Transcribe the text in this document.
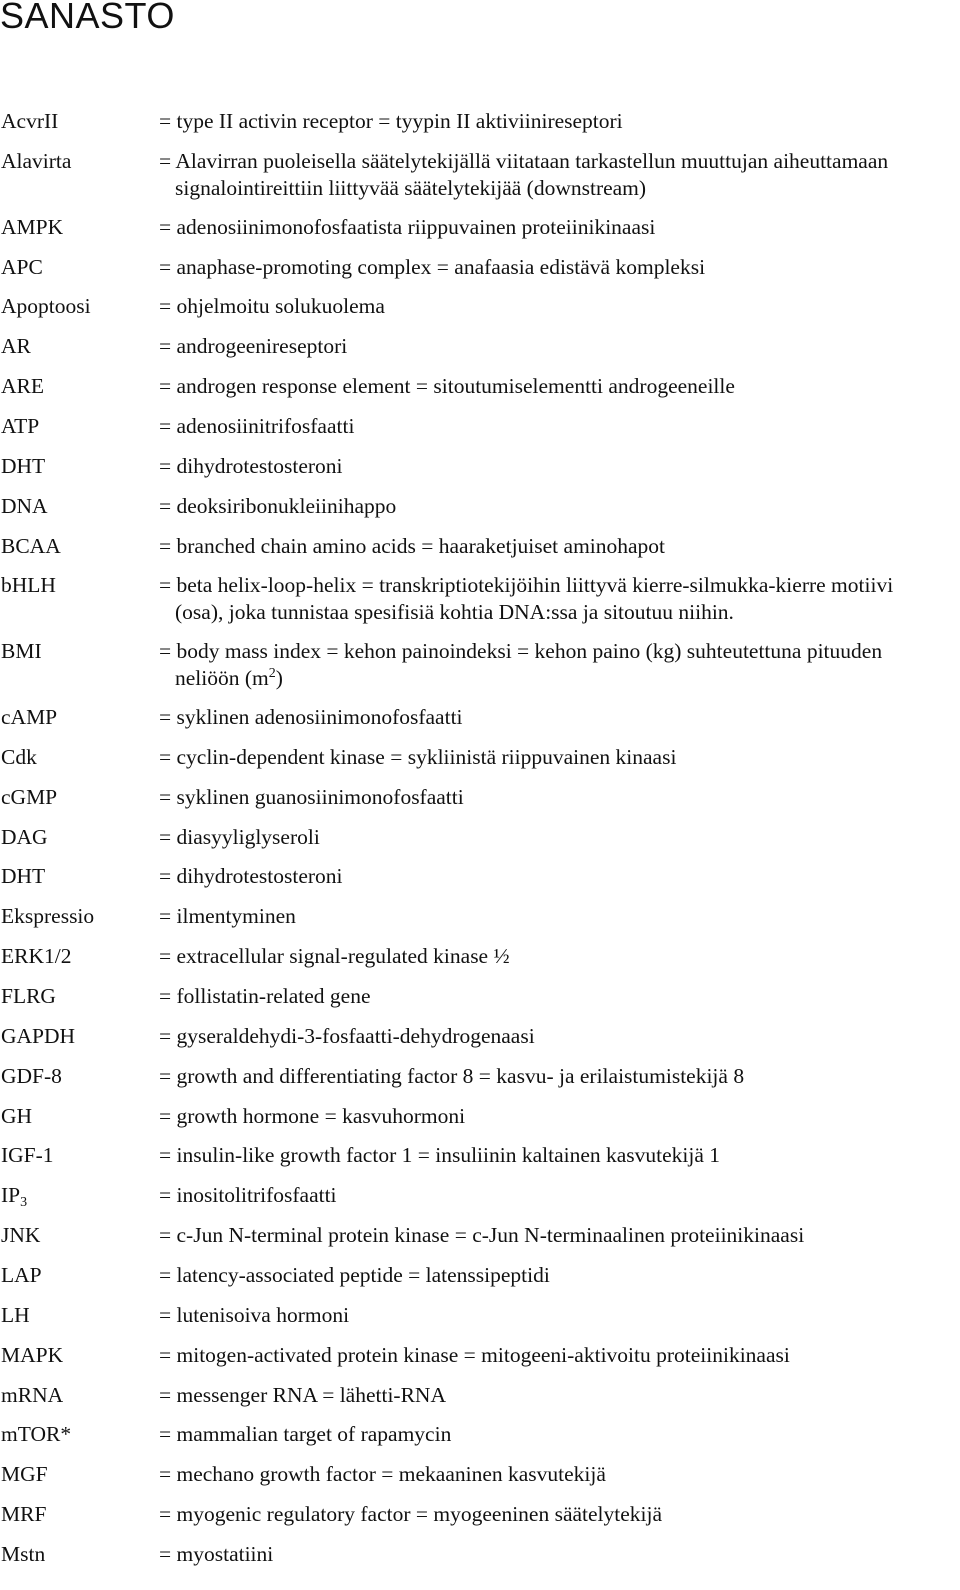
SANASTO
AcvrII	= type II activin receptor = tyypin II aktiviinireseptori
Alavirta	= Alavirran puoleisella säätelytekijällä viitataan tarkastellun muuttujan aiheuttamaan
signalointireittiin liittyvää säätelytekijää (downstream)
AMPK	= adenosiinimonofosfaatista riippuvainen proteiinikinaasi
APC	= anaphase-promoting complex = anafaasia edistävä kompleksi
Apoptoosi	= ohjelmoitu solukuolema
AR	= androgeenireseptori
ARE	= androgen response element = sitoutumiselementti androgeeneille
ATP	= adenosiinitrifosfaatti
DHT	= dihydrotestosteroni
DNA	= deoksiribonukleiinihappo
BCAA	= branched chain amino acids = haaraketjuiset aminohapot
bHLH	= beta helix-loop-helix = transkriptiotekijöihin liittyvä kierre-silmukka-kierre motiivi
(osa), joka tunnistaa spesifisiä kohtia DNA:ssa ja sitoutuu niihin.
BMI	= body mass index = kehon painoindeksi = kehon paino (kg) suhteutettuna pituuden
neliöön $(m^2)$
cAMP	= syklinen adenosiinimonofosfaatti
Cdk	= cyclin-dependent kinase = sykliinistä riippuvainen kinaasi
cGMP	= syklinen guanosiinimonofosfaatti
DAG	= diasyyliglyseroli
DHT	= dihydrotestosteroni
Ekspressio	= ilmentyminen
ERK1/2	= extracellular signal-regulated kinase ½
FLRG	= follistatin-related gene
GAPDH	= gyseraldehydi-3-fosfaatti-dehydrogenaasi
GDF-8	= growth and differentiating factor 8 = kasvu- ja erilaistumistekijä 8
GH	= growth hormone = kasvuhormoni
IGF-1	= insulin-like growth factor 1 = insuliinin kaltainen kasvutekijä 1
$IP_3$	= inositolitrifosfaatti
JNK	= c-Jun N-terminal protein kinase = c-Jun N-terminaalinen proteiinikinaasi
LAP	= latency-associated peptide = latenssipeptidi
LH	= lutenisoiva hormoni
MAPK	= mitogen-activated protein kinase = mitogeeni-aktivoitu proteiinikinaasi
mRNA	= messenger RNA = lähetti-RNA
mTOR*	= mammalian target of rapamycin
MGF	= mechano growth factor = mekaaninen kasvutekijä
MRF	= myogenic regulatory factor = myogeeninen säätelytekijä
Mstn	= myostatiini
